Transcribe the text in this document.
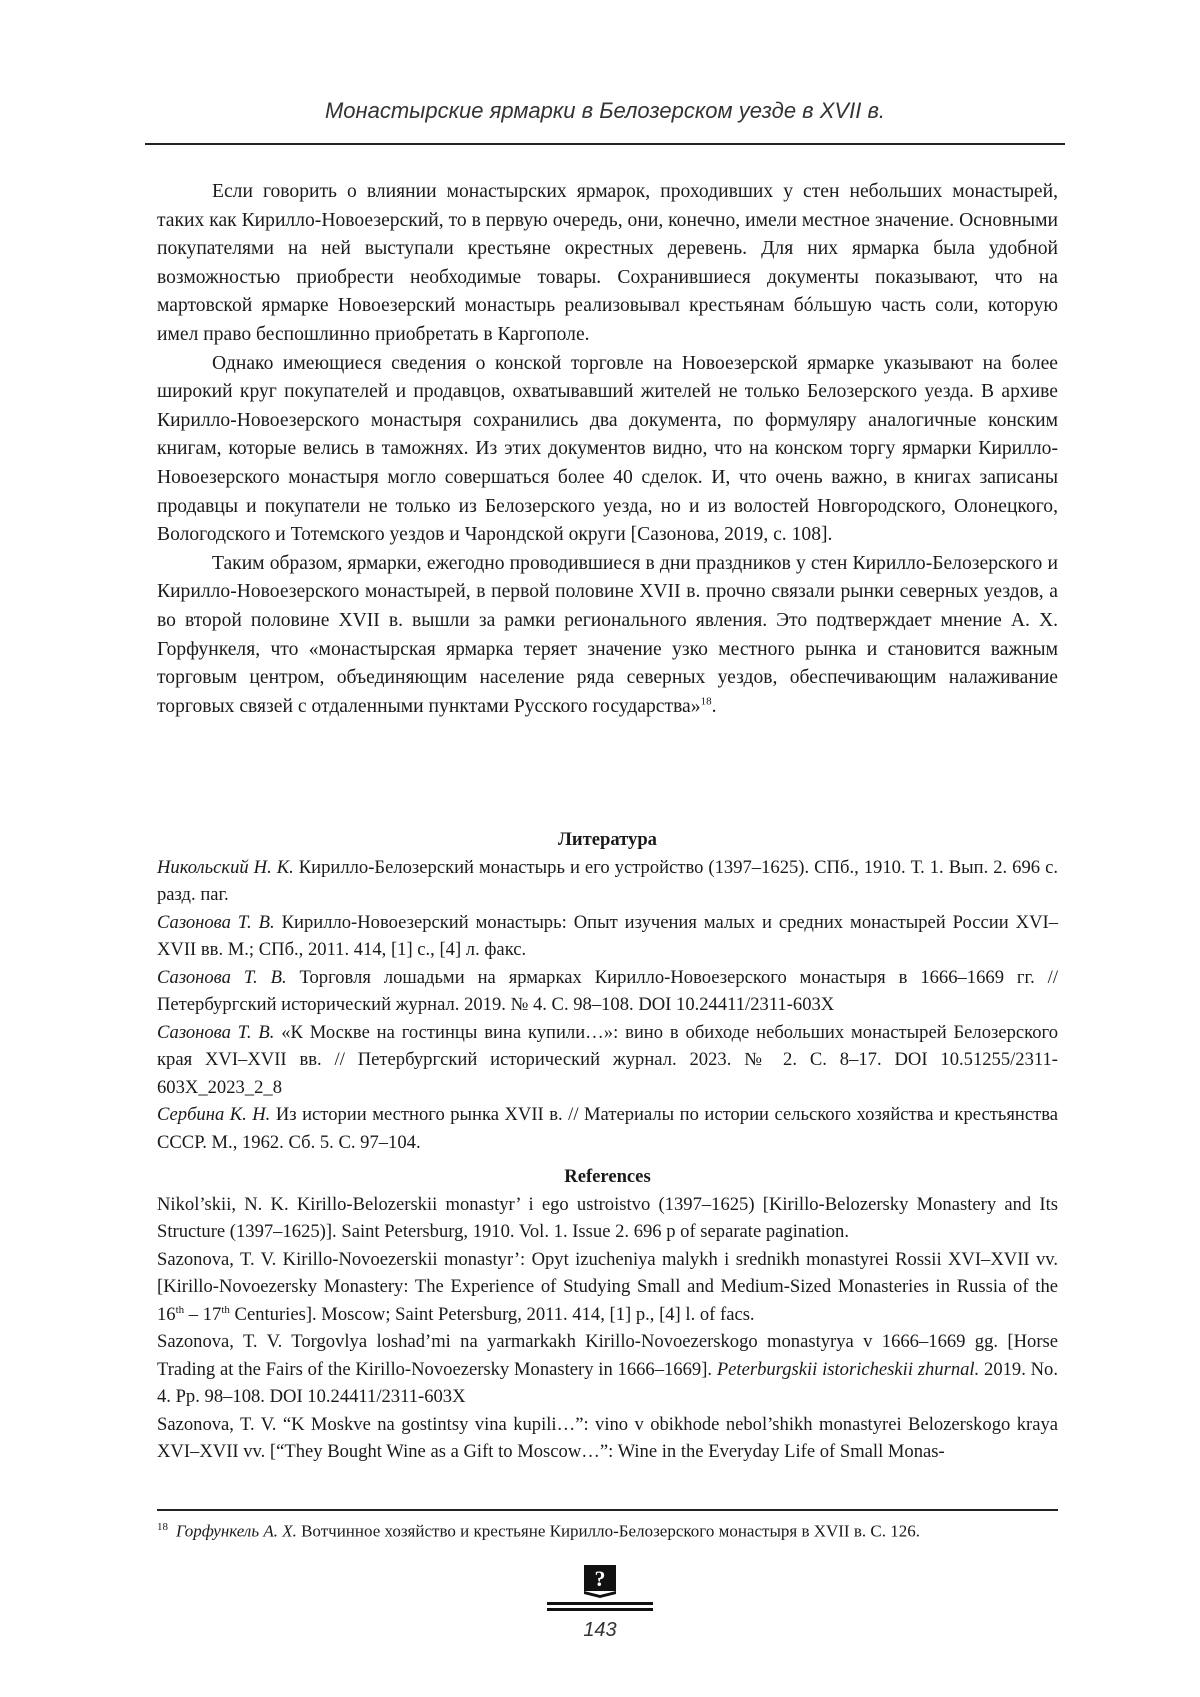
Монастырские ярмарки в Белозерском уезде в XVII в.

Если говорить о влиянии монастырских ярмарок, проходивших у стен небольших монастырей, таких как Кирилло-Новоезерский, то в первую очередь, они, конечно, имели местное значение. Основными покупателями на ней выступали крестьяне окрестных деревень. Для них ярмарка была удобной возможностью приобрести необходимые товары. Сохранившиеся документы показывают, что на мартовской ярмарке Новоезерский монастырь реализовывал крестьянам бóльшую часть соли, которую имел право беспошлинно приобретать в Каргополе.

Однако имеющиеся сведения о конской торговле на Новоезерской ярмарке указывают на более широкий круг покупателей и продавцов, охватывавший жителей не только Белозерского уезда. В архиве Кирилло-Новоезерского монастыря сохранились два документа, по формуляру аналогичные конским книгам, которые велись в таможнях. Из этих документов видно, что на конском торгу ярмарки Кирилло-Новоезерского монастыря могло совершаться более 40 сделок. И, что очень важно, в книгах записаны продавцы и покупатели не только из Белозерского уезда, но и из волостей Новгородского, Олонецкого, Вологодского и Тотемского уездов и Чарондской округи [Сазонова, 2019, с. 108].

Таким образом, ярмарки, ежегодно проводившиеся в дни праздников у стен Кирилло-Белозерского и Кирилло-Новоезерского монастырей, в первой половине XVII в. прочно связали рынки северных уездов, а во второй половине XVII в. вышли за рамки регионального явления. Это подтверждает мнение А. Х. Горфункеля, что «монастырская ярмарка теряет значение узко местного рынка и становится важным торговым центром, объединяющим население ряда северных уездов, обеспечивающим налаживание торговых связей с отдаленными пунктами Русского государства»$^{18}$.

Литература

Никольский Н. К. Кирилло-Белозерский монастырь и его устройство (1397–1625). СПб., 1910. Т. 1. Вып. 2. 696 с. разд. паг.

Сазонова Т. В. Кирилло-Новоезерский монастырь: Опыт изучения малых и средних монастырей России XVI–XVII вв. М.; СПб., 2011. 414, [1] с., [4] л. факс.

Сазонова Т. В. Торговля лошадьми на ярмарках Кирилло-Новоезерского монастыря в 1666–1669 гг. // Петербургский исторический журнал. 2019. № 4. С. 98–108. DOI 10.24411/2311-603X

Сазонова Т. В. «К Москве на гостинцы вина купили…»: вино в обиходе небольших монастырей Белозерского края XVI–XVII вв. // Петербургский исторический журнал. 2023. № 2. С. 8–17. DOI 10.51255/2311-603X_2023_2_8

Сербина К. Н. Из истории местного рынка XVII в. // Материалы по истории сельского хозяйства и крестьянства СССР. М., 1962. Сб. 5. С. 97–104.

References

Nikol’skii, N. K. Kirillo-Belozerskii monastyr’ i ego ustroistvo (1397–1625) [Kirillo-Belozersky Monastery and Its Structure (1397–1625)]. Saint Petersburg, 1910. Vol. 1. Issue 2. 696 p of separate pagination.

Sazonova, T. V. Kirillo-Novoezerskii monastyr’: Opyt izucheniya malykh i srednikh monastyrei Rossii XVI–XVII vv. [Kirillo-Novoezersky Monastery: The Experience of Studying Small and Medium-Sized Monasteries in Russia of the 16th – 17th Centuries]. Moscow; Saint Petersburg, 2011. 414, [1] p., [4] l. of facs.

Sazonova, T. V. Torgovlya loshad’mi na yarmarkakh Kirillo-Novoezerskogo monastyrya v 1666–1669 gg. [Horse Trading at the Fairs of the Kirillo-Novoezersky Monastery in 1666–1669]. Peterburgskii istoricheskii zhurnal. 2019. No. 4. Pp. 98–108. DOI 10.24411/2311-603X

Sazonova, T. V. “K Moskve na gostintsy vina kupili…”: vino v obikhode nebol’shikh monastyrei Belozerskogo kraya XVI–XVII vv. [“They Bought Wine as a Gift to Moscow…”: Wine in the Everyday Life of Small Monas-

$^{18}$ Горфункель А. Х. Вотчинное хозяйство и крестьяне Кирилло-Белозерского монастыря в XVII в. С. 126.
?
143
